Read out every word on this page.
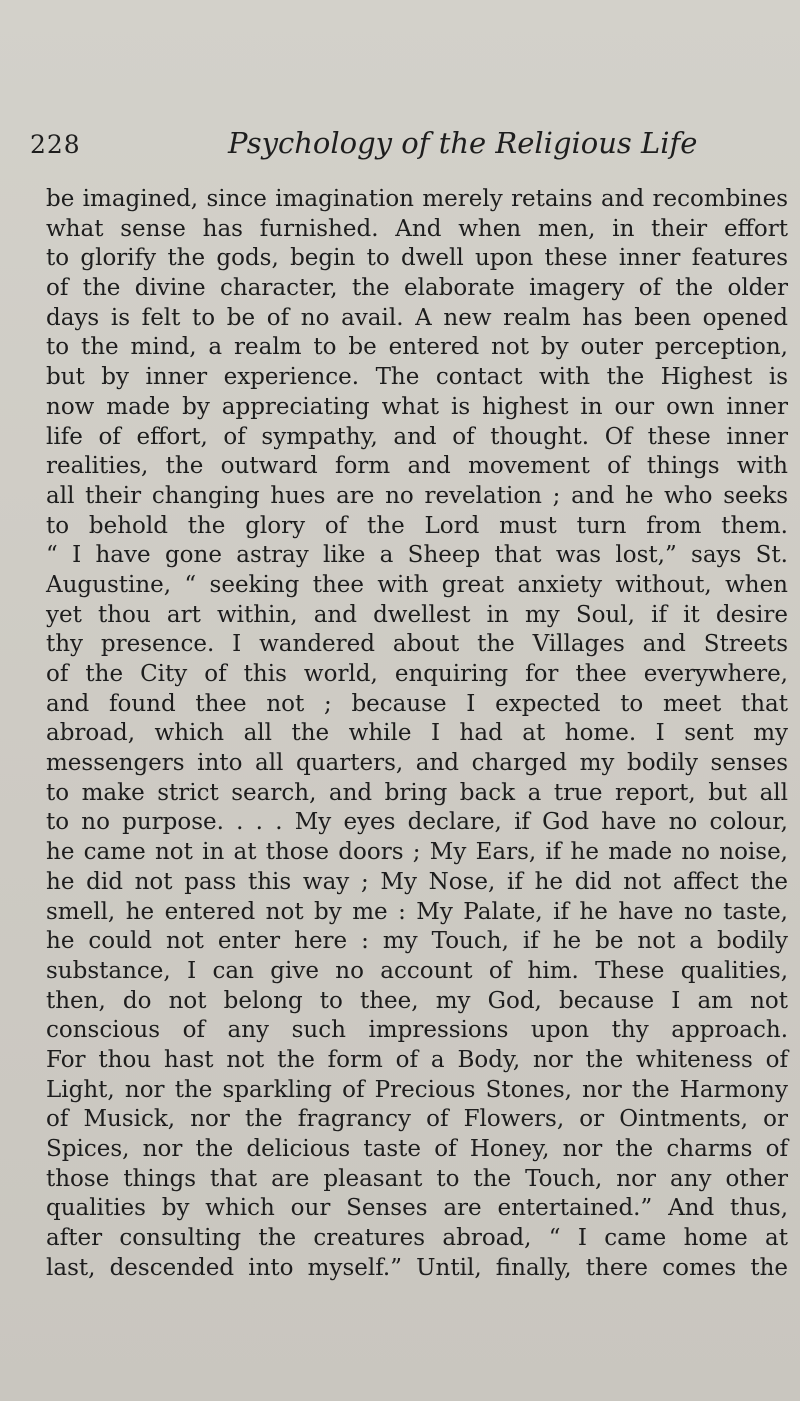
228	Psychology of the Religious Life
be imagined, since imagination merely retains and recombines
what sense has furnished. And when men, in their effort
to glorify the gods, begin to dwell upon these inner features
of the divine character, the elaborate imagery of the older
days is felt to be of no avail. A new realm has been opened
to the mind, a realm to be entered not by outer perception,
but by inner experience. The contact with the Highest is
now made by appreciating what is highest in our own inner
life of effort, of sympathy, and of thought. Of these inner
realities, the outward form and movement of things with
all their changing hues are no revelation ; and he who seeks
to behold the glory of the Lord must turn from them.
“ I have gone astray like a Sheep that was lost,” says St.
Augustine, “ seeking thee with great anxiety without, when
yet thou art within, and dwellest in my Soul, if it desire
thy presence. I wandered about the Villages and Streets
of the City of this world, enquiring for thee everywhere,
and found thee not ; because I expected to meet that
abroad, which all the while I had at home. I sent my
messengers into all quarters, and charged my bodily senses
to make strict search, and bring back a true report, but all
to no purpose. . . . My eyes declare, if God have no colour,
he came not in at those doors ; My Ears, if he made no noise,
he did not pass this way ; My Nose, if he did not affect the
smell, he entered not by me : My Palate, if he have no taste,
he could not enter here : my Touch, if he be not a bodily
substance, I can give no account of him. These qualities,
then, do not belong to thee, my God, because I am not
conscious of any such impressions upon thy approach.
For thou hast not the form of a Body, nor the whiteness of
Light, nor the sparkling of Precious Stones, nor the Harmony
of Musick, nor the fragrancy of Flowers, or Ointments, or
Spices, nor the delicious taste of Honey, nor the charms of
those things that are pleasant to the Touch, nor any other
qualities by which our Senses are entertained.” And thus,
after consulting the creatures abroad, “ I came home at
last, descended into myself.” Until, finally, there comes the
